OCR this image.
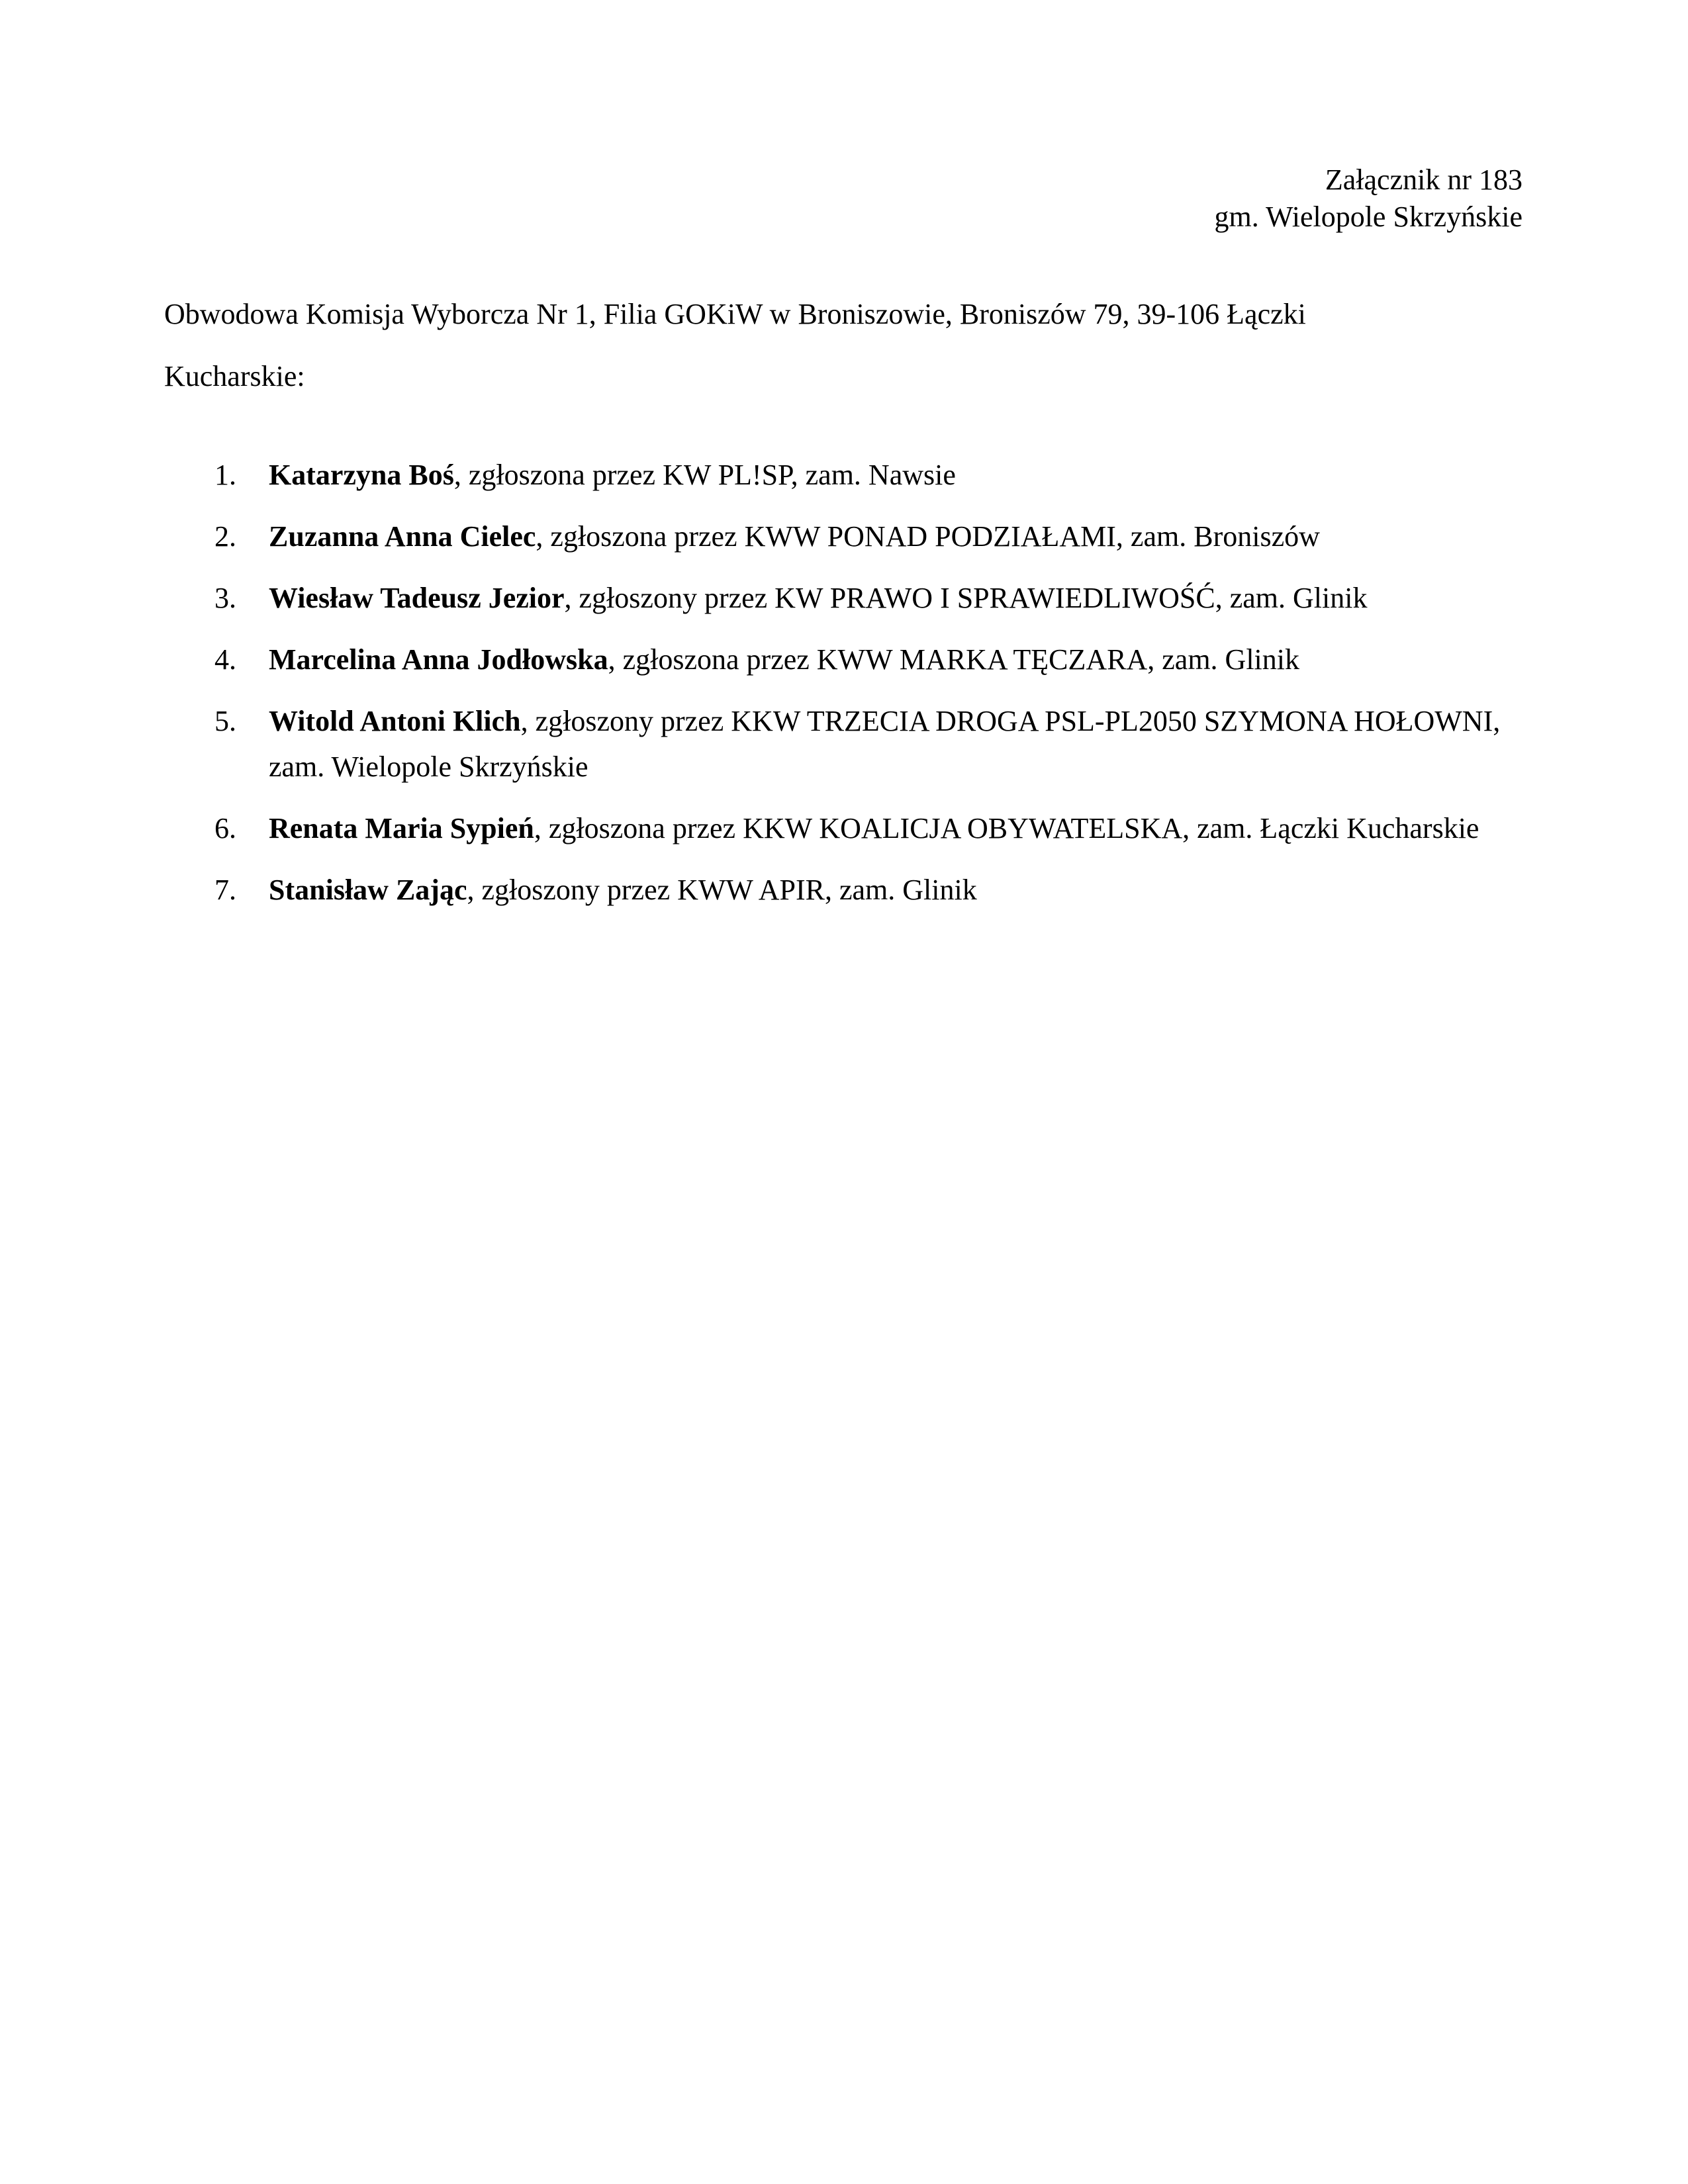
Załącznik nr 183
gm. Wielopole Skrzyńskie
Obwodowa Komisja Wyborcza Nr 1, Filia GOKiW w Broniszowie, Broniszów 79, 39-106 Łączki Kucharskie:
1. Katarzyna Boś, zgłoszona przez KW PL!SP, zam. Nawsie
2. Zuzanna Anna Cielec, zgłoszona przez KWW PONAD PODZIAŁAMI, zam. Broniszów
3. Wiesław Tadeusz Jezior, zgłoszony przez KW PRAWO I SPRAWIEDLIWOŚĆ, zam. Glinik
4. Marcelina Anna Jodłowska, zgłoszona przez KWW MARKA TĘCZARA, zam. Glinik
5. Witold Antoni Klich, zgłoszony przez KKW TRZECIA DROGA PSL-PL2050 SZYMONA HOŁOWNI, zam. Wielopole Skrzyńskie
6. Renata Maria Sypień, zgłoszona przez KKW KOALICJA OBYWATELSKA, zam. Łączki Kucharskie
7. Stanisław Zając, zgłoszony przez KWW APIR, zam. Glinik
